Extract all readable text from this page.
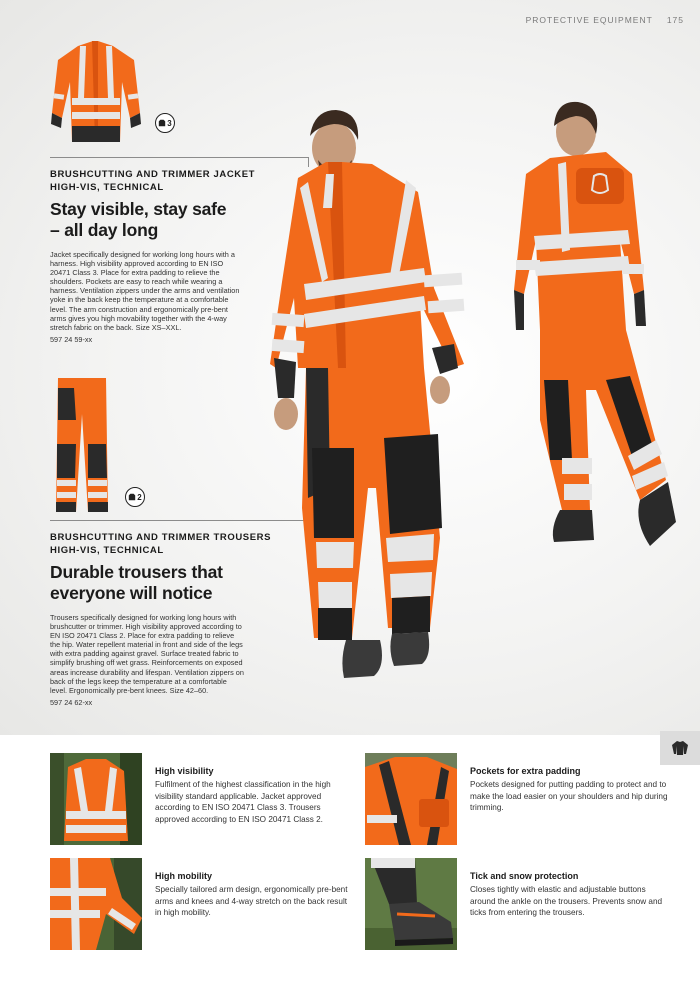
PROTECTIVE EQUIPMENT 175
3
BRUSHCUTTING AND TRIMMER JACKET
HIGH-VIS, TECHNICAL
Stay visible, stay safe
– all day long
Jacket specifically designed for working long hours with a harness. High visibility approved according to EN ISO 20471 Class 3. Place for extra padding to relieve the shoulders. Pockets are easy to reach while wearing a harness. Ventilation zippers under the arms and ventilation yoke in the back keep the temperature at a comfortable level. The arm construction and ergonomically pre-bent arms gives you high movability together with the 4-way stretch fabric on the back. Size XS–XXL.
597 24 59-xx
2
BRUSHCUTTING AND TRIMMER TROUSERS
HIGH-VIS, TECHNICAL
Durable trousers that
everyone will notice
Trousers specifically designed for working long hours with brushcutter or trimmer. High visibility approved according to EN ISO 20471 Class 2. Place for extra padding to relieve the hip. Water repellent material in front and side of the legs with extra padding against gravel. Surface treated fabric to simplify brushing off wet grass. Reinforcements on exposed areas increase durability and lifespan. Ventilation zippers on back of the legs keep the temperature at a comfortable level. Ergonomically pre-bent knees. Size 42–60.
597 24 62-xx
High visibility
Fulfilment of the highest classification in the high visibility standard applicable. Jacket approved according to EN ISO 20471 Class 3. Trousers approved according to EN ISO 20471 Class 2.
Pockets for extra padding
Pockets designed for putting padding to protect and to make the load easier on your shoulders and hip during trimming.
High mobility
Specially tailored arm design, ergonomically pre-bent arms and knees and 4-way stretch on the back result in high mobility.
Tick and snow protection
Closes tightly with elastic and adjustable buttons around the ankle on the trousers. Prevents snow and ticks from entering the trousers.
